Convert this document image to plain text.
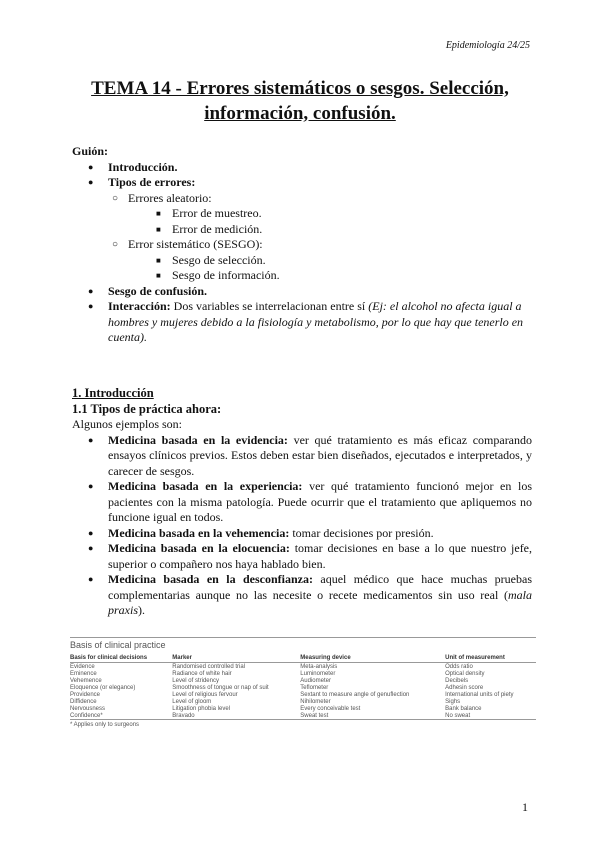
Epidemiología 24/25
TEMA 14 - Errores sistemáticos o sesgos. Selección, información, confusión.
Guión:
● Introducción.
● Tipos de errores:
○ Errores aleatorio:
■ Error de muestreo.
■ Error de medición.
○ Error sistemático (SESGO):
■ Sesgo de selección.
■ Sesgo de información.
● Sesgo de confusión.
● Interacción: Dos variables se interrelacionan entre sí (Ej: el alcohol no afecta igual a hombres y mujeres debido a la fisiología y metabolismo, por lo que hay que tenerlo en cuenta).
1. Introducción
1.1 Tipos de práctica ahora:

Algunos ejemplos son:

● Medicina basada en la evidencia: ver qué tratamiento es más eficaz comparando ensayos clínicos previos. Estos deben estar bien diseñados, ejecutados e interpretados, y carecer de sesgos.
● Medicina basada en la experiencia: ver qué tratamiento funcionó mejor en los pacientes con la misma patología. Puede ocurrir que el tratamiento que apliquemos no funcione igual en todos.
● Medicina basada en la vehemencia: tomar decisiones por presión.
● Medicina basada en la elocuencia: tomar decisiones en base a lo que nuestro jefe, superior o compañero nos haya hablado bien.
● Medicina basada en la desconfianza: aquel médico que hace muchas pruebas complementarias aunque no las necesite o recete medicamentos sin uso real (mala praxis).
Basis of clinical practice
Basis for clinical decisions	Marker	Measuring device	Unit of measurement
Evidence	Randomised controlled trial	Meta-analysis	Odds ratio
Eminence	Radiance of white hair	Luminometer	Optical density
Vehemence	Level of stridency	Audiometer	Decibels
Eloquence (or elegance)	Smoothness of tongue or nap of suit	Teflometer	Adhesin score
Providence	Level of religious fervour	Sextant to measure angle of genuflection	International units of piety
Diffidence	Level of gloom	Nihilometer	Sighs
Nervousness	Litigation phobia level	Every conceivable test	Bank balance
Confidence*	Bravado	Sweat test	No sweat
* Applies only to surgeons
1
